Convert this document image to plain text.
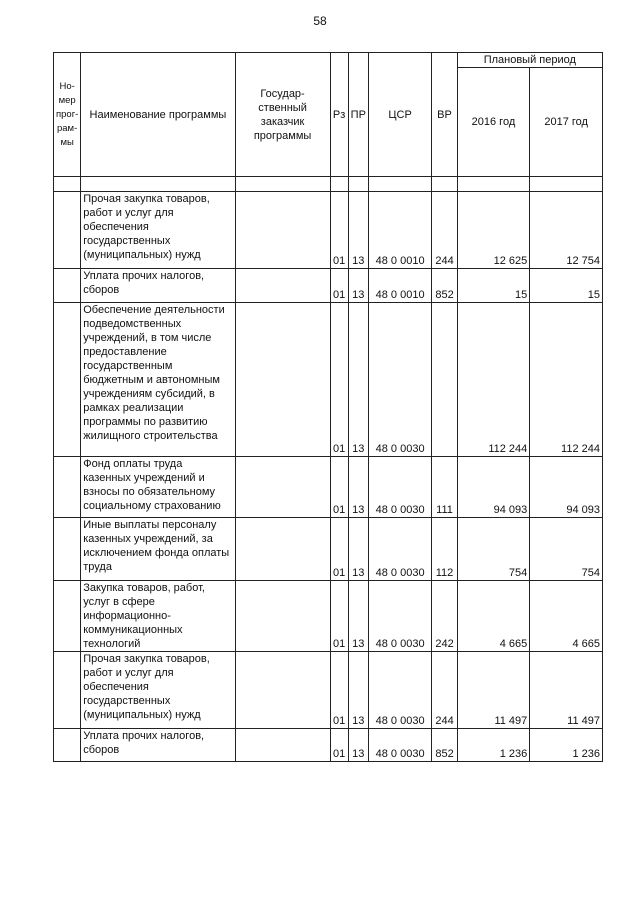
58
Но-
мер
прог-
рам-
мы	Наименование программы	Государ-
ственный
заказчик
программы	Рз	ПР	ЦСР	ВР	Плановый период	
							2016 год	2017 год

	Прочая закупка товаров, работ и услуг для обеспечения государственных (муниципальных) нужд		01	13	48 0 0010	244	12 625	12 754
	Уплата прочих налогов, сборов		01	13	48 0 0010	852	15	15
	Обеспечение деятельности подведомственных учреждений, в том числе предоставление государственным бюджетным и автономным учреждениям субсидий, в рамках реализации программы по развитию жилищного строительства		01	13	48 0 0030		112 244	112 244
	Фонд оплаты труда казенных учреждений и взносы по обязательному социальному страхованию		01	13	48 0 0030	111	94 093	94 093
	Иные выплаты персоналу казенных учреждений, за исключением фонда оплаты труда		01	13	48 0 0030	112	754	754
	Закупка товаров, работ, услуг в сфере информационно-коммуникационных технологий		01	13	48 0 0030	242	4 665	4 665
	Прочая закупка товаров, работ и услуг для обеспечения государственных (муниципальных) нужд		01	13	48 0 0030	244	11 497	11 497
	Уплата прочих налогов, сборов		01	13	48 0 0030	852	1 236	1 236
